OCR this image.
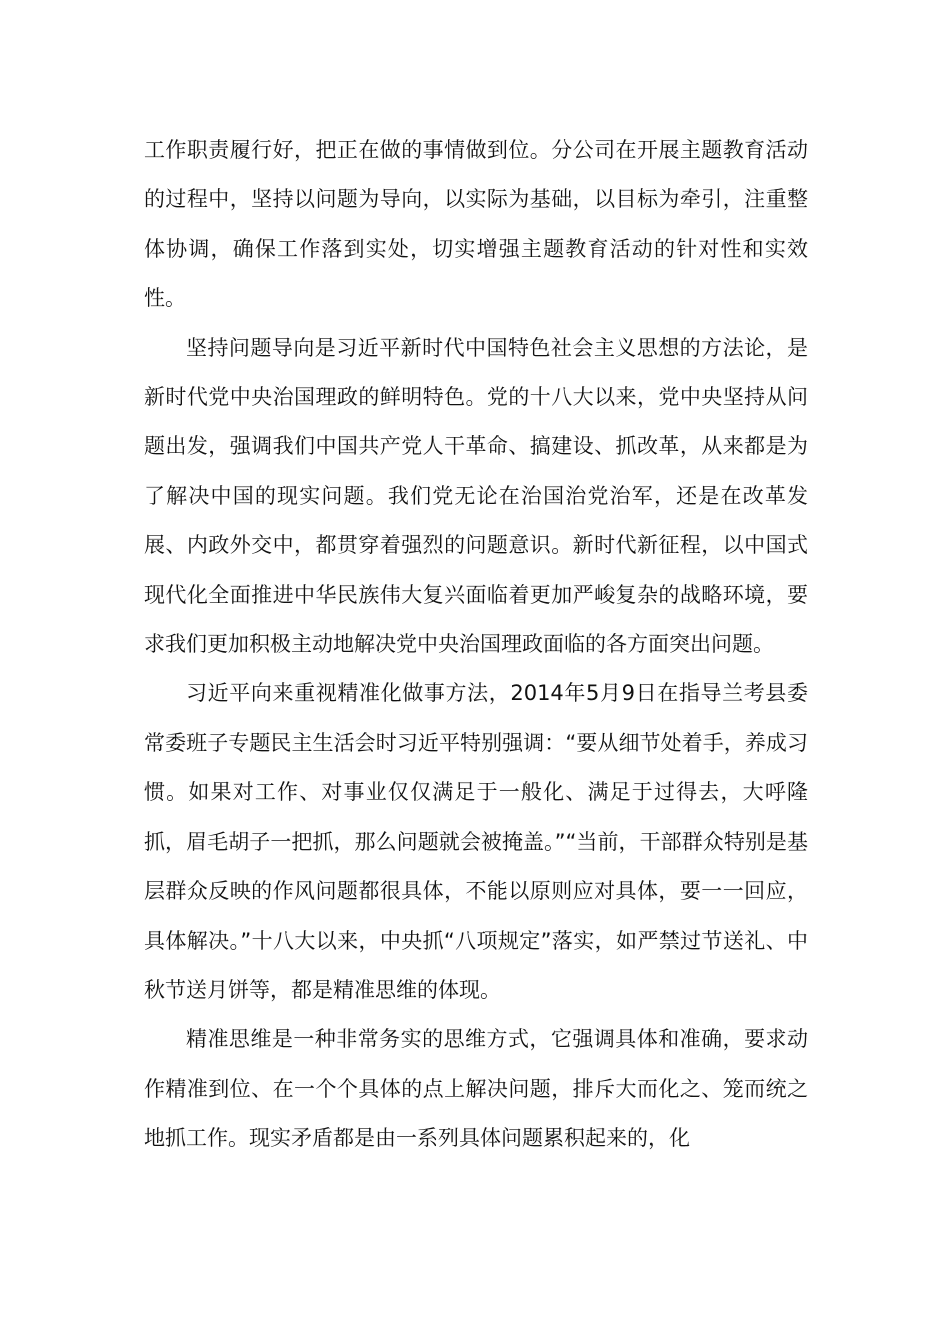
工作职责履行好，把正在做的事情做到位。分公司在开展主题教育活动的过程中，坚持以问题为导向，以实际为基础，以目标为牵引，注重整体协调，确保工作落到实处，切实增强主题教育活动的针对性和实效性。

坚持问题导向是习近平新时代中国特色社会主义思想的方法论，是新时代党中央治国理政的鲜明特色。党的十八大以来，党中央坚持从问题出发，强调我们中国共产党人干革命、搞建设、抓改革，从来都是为了解决中国的现实问题。我们党无论在治国治党治军，还是在改革发展、内政外交中，都贯穿着强烈的问题意识。新时代新征程，以中国式现代化全面推进中华民族伟大复兴面临着更加严峻复杂的战略环境，要求我们更加积极主动地解决党中央治国理政面临的各方面突出问题。

习近平向来重视精准化做事方法，2014年5月9日在指导兰考县委常委班子专题民主生活会时习近平特别强调：“要从细节处着手，养成习惯。如果对工作、对事业仅仅满足于一般化、满足于过得去，大呼隆抓，眉毛胡子一把抓，那么问题就会被掩盖。”“当前，干部群众特别是基层群众反映的作风问题都很具体，不能以原则应对具体，要一一回应，具体解决。”十八大以来，中央抓“八项规定”落实，如严禁过节送礼、中秋节送月饼等，都是精准思维的体现。

精准思维是一种非常务实的思维方式，它强调具体和准确，要求动作精准到位、在一个个具体的点上解决问题，排斥大而化之、笼而统之地抓工作。现实矛盾都是由一系列具体问题累积起来的，化
